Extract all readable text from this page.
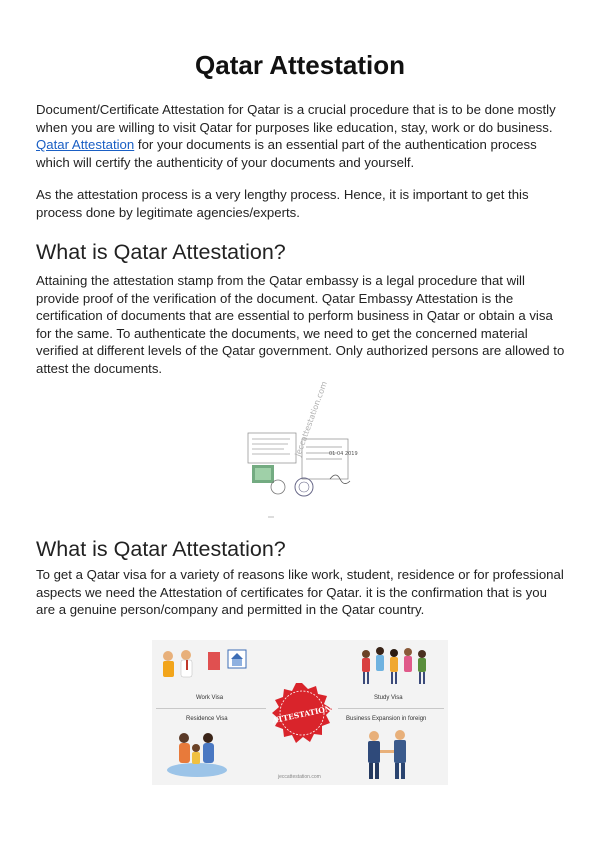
Qatar Attestation

Document/Certificate Attestation for Qatar is a crucial procedure that is to be done mostly when you are willing to visit Qatar for purposes like education, stay, work or do business. Qatar Attestation for your documents is an essential part of the authentication process which will certify the authenticity of your documents and yourself.

As the attestation process is a very lengthy process. Hence, it is important to get this process done by legitimate agencies/experts.

What is Qatar Attestation?

Attaining the attestation stamp from the Qatar embassy is a legal procedure that will provide proof of the verification of the document. Qatar Embassy Attestation is the certification of documents that are essential to perform business in Qatar or obtain a visa for the same. To authenticate the documents, we need to get the concerned material verified at different levels of the Qatar government. Only authorized persons are allowed to attest the documents.

01 04 2019
jeccattestation.com
What is Qatar Attestation?

To get a Qatar visa for a variety of reasons like work, student, residence or for professional aspects we need the Attestation of certificates for Qatar. it is the confirmation that is you are a genuine person/company and permitted in the Qatar country.

ATTESTATION
Work Visa
Residence Visa
Study Visa
Business Expansion in foreign
jeccattestation.com
